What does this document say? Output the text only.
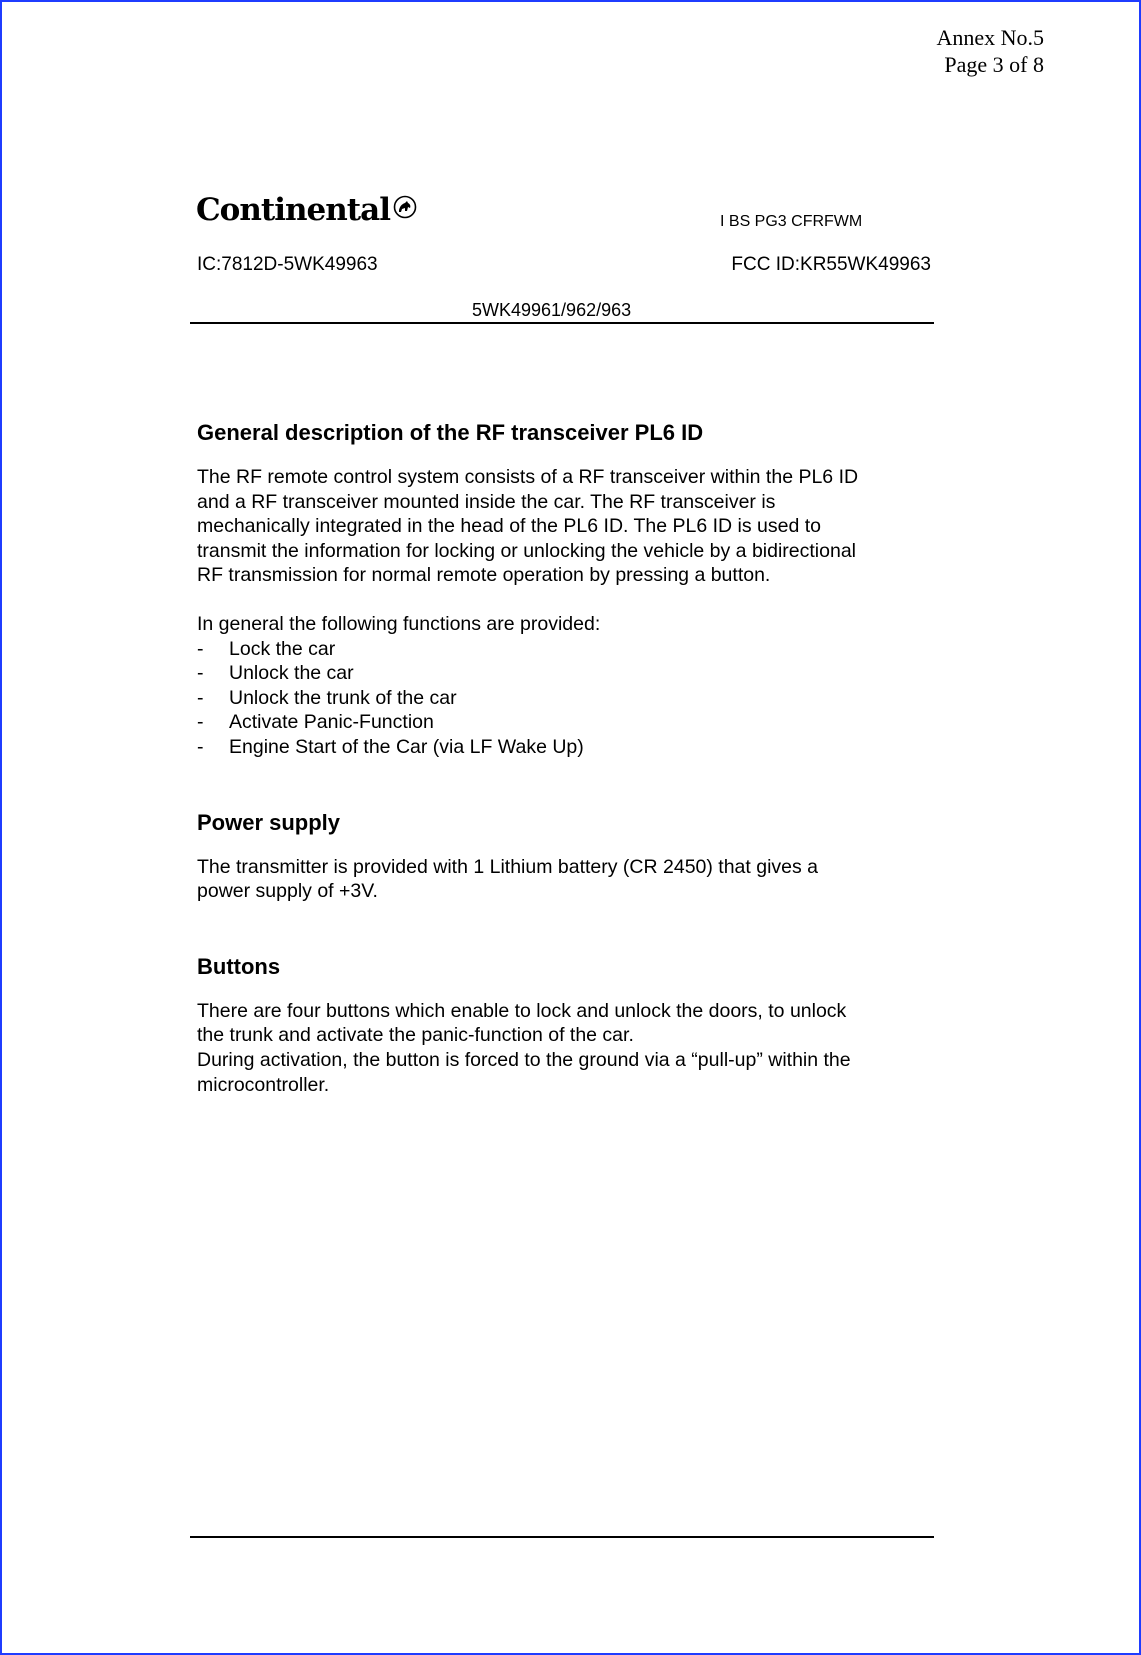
Annex No.5
Page 3 of 8
Continental	I BS PG3 CFRFWM
IC:7812D-5WK49963	FCC ID:KR55WK49963
5WK49961/962/963
General description of the RF transceiver PL6 ID

The RF remote control system consists of a RF transceiver within the PL6 ID

and a RF transceiver mounted inside the car. The RF transceiver is

mechanically integrated in the head of the PL6 ID. The PL6 ID is used to

transmit the information for locking or unlocking the vehicle by a bidirectional

RF transmission for normal remote operation by pressing a button.

In general the following functions are provided:

- Lock the car
- Unlock the car
- Unlock the trunk of the car
- Activate Panic-Function
- Engine Start of the Car (via LF Wake Up)
Power supply

The transmitter is provided with 1 Lithium battery (CR 2450) that gives a

power supply of +3V.

Buttons

There are four buttons which enable to lock and unlock the doors, to unlock

the trunk and activate the panic-function of the car.

During activation, the button is forced to the ground via a “pull-up” within the

microcontroller.
